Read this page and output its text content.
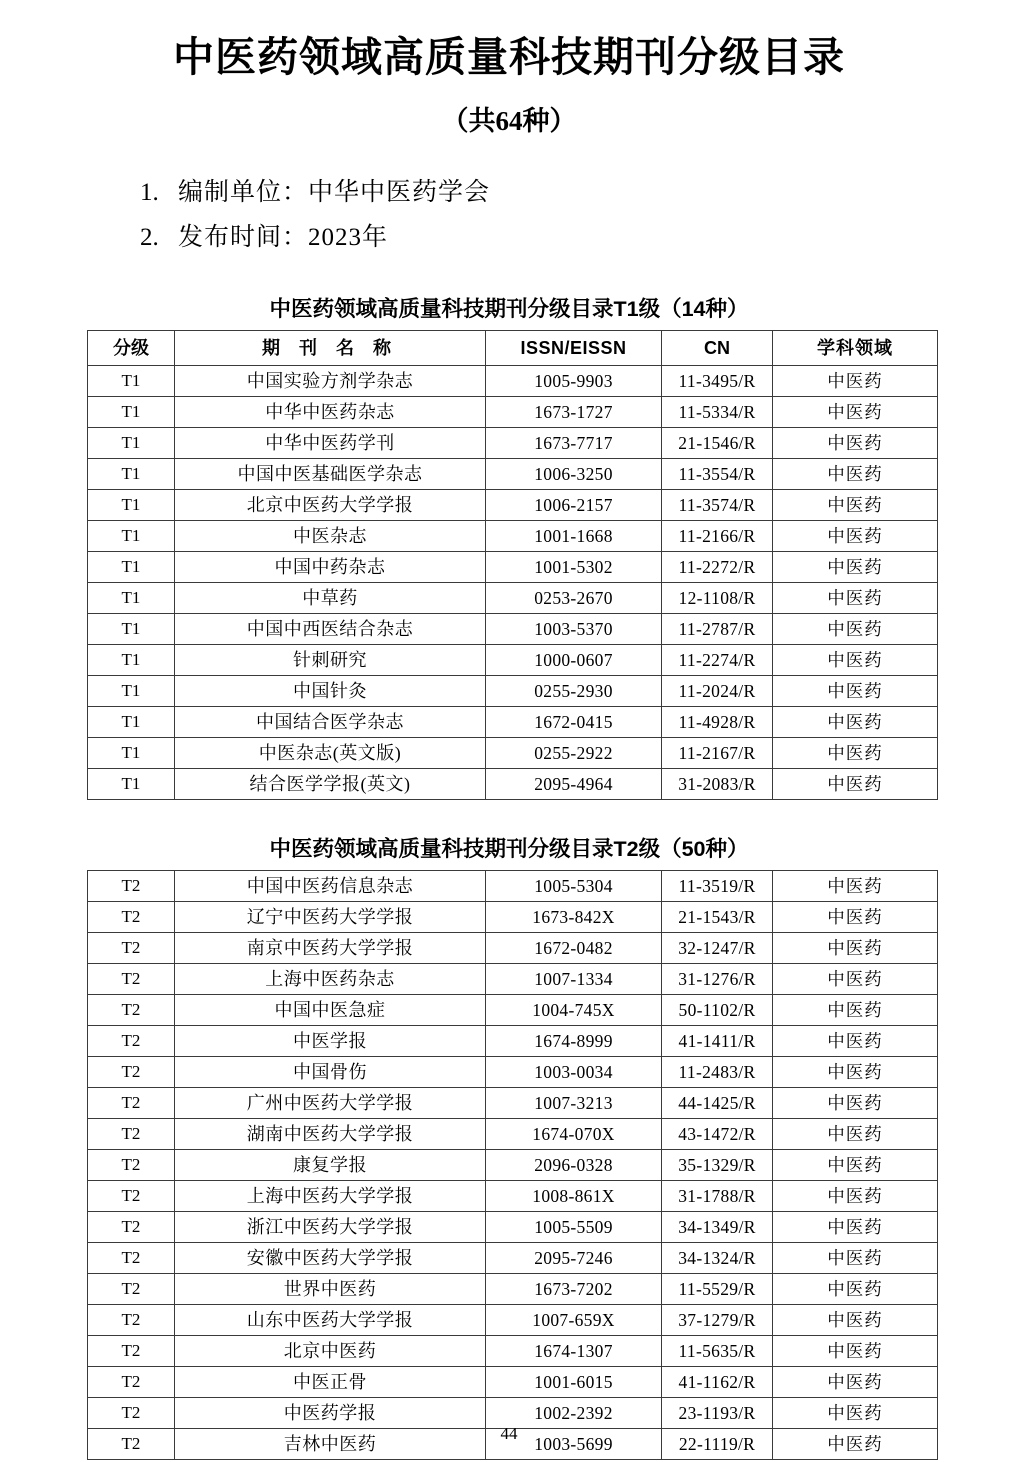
中医药领域高质量科技期刊分级目录
（共64种）
1. 编制单位：中华中医药学会
2. 发布时间：2023年
中医药领域高质量科技期刊分级目录T1级（14种）
分级	期 刊 名 称	ISSN/EISSN	CN	学科领域
T1	中国实验方剂学杂志	1005-9903	11-3495/R	中医药
T1	中华中医药杂志	1673-1727	11-5334/R	中医药
T1	中华中医药学刊	1673-7717	21-1546/R	中医药
T1	中国中医基础医学杂志	1006-3250	11-3554/R	中医药
T1	北京中医药大学学报	1006-2157	11-3574/R	中医药
T1	中医杂志	1001-1668	11-2166/R	中医药
T1	中国中药杂志	1001-5302	11-2272/R	中医药
T1	中草药	0253-2670	12-1108/R	中医药
T1	中国中西医结合杂志	1003-5370	11-2787/R	中医药
T1	针刺研究	1000-0607	11-2274/R	中医药
T1	中国针灸	0255-2930	11-2024/R	中医药
T1	中国结合医学杂志	1672-0415	11-4928/R	中医药
T1	中医杂志(英文版)	0255-2922	11-2167/R	中医药
T1	结合医学学报(英文)	2095-4964	31-2083/R	中医药
中医药领域高质量科技期刊分级目录T2级（50种）
T2	中国中医药信息杂志	1005-5304	11-3519/R	中医药
T2	辽宁中医药大学学报	1673-842X	21-1543/R	中医药
T2	南京中医药大学学报	1672-0482	32-1247/R	中医药
T2	上海中医药杂志	1007-1334	31-1276/R	中医药
T2	中国中医急症	1004-745X	50-1102/R	中医药
T2	中医学报	1674-8999	41-1411/R	中医药
T2	中国骨伤	1003-0034	11-2483/R	中医药
T2	广州中医药大学学报	1007-3213	44-1425/R	中医药
T2	湖南中医药大学学报	1674-070X	43-1472/R	中医药
T2	康复学报	2096-0328	35-1329/R	中医药
T2	上海中医药大学学报	1008-861X	31-1788/R	中医药
T2	浙江中医药大学学报	1005-5509	34-1349/R	中医药
T2	安徽中医药大学学报	2095-7246	34-1324/R	中医药
T2	世界中医药	1673-7202	11-5529/R	中医药
T2	山东中医药大学学报	1007-659X	37-1279/R	中医药
T2	北京中医药	1674-1307	11-5635/R	中医药
T2	中医正骨	1001-6015	41-1162/R	中医药
T2	中医药学报	1002-2392	23-1193/R	中医药
T2	吉林中医药	1003-5699	22-1119/R	中医药
44
